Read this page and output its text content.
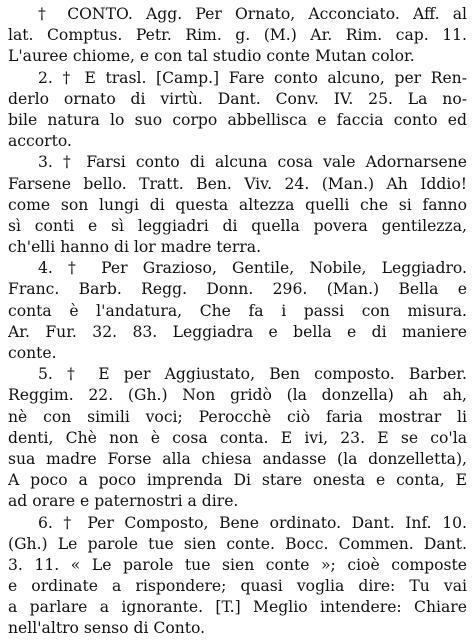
† CONTO. Agg. Per Ornato, Acconciato. Aff. al
lat. Comptus. Petr. Rim. g. (M.) Ar. Rim. cap. 11.
L'auree chiome, e con tal studio conte Mutan color.
2. † E trasl. [Camp.] Fare conto alcuno, per Ren-
derlo ornato di virtù. Dant. Conv. IV. 25. La no-
bile natura lo suo corpo abbellisca e faccia conto ed
accorto.
3. † Farsi conto di alcuna cosa vale Adornarsene
Farsene bello. Tratt. Ben. Viv. 24. (Man.) Ah Iddio!
come son lungi di questa altezza quelli che si fanno
sì conti e sì leggiadri di quella povera gentilezza,
ch'elli hanno di lor madre terra.
4. † Per Grazioso, Gentile, Nobile, Leggiadro.
Franc. Barb. Regg. Donn. 296. (Man.) Bella e
conta è l'andatura, Che fa i passi con misura.
Ar. Fur. 32. 83. Leggiadra e bella e di maniere
conte.
5. † E per Aggiustato, Ben composto. Barber.
Reggim. 22. (Gh.) Non gridò (la donzella) ah ah,
nè con simili voci; Perocchè ciò faria mostrar li
denti, Chè non è cosa conta. E ivi, 23. E se co'la
sua madre Forse alla chiesa andasse (la donzelletta),
A poco a poco imprenda Di stare onesta e conta, E
ad orare e paternostri a dire.
6. † Per Composto, Bene ordinato. Dant. Inf. 10.
(Gh.) Le parole tue sien conte. Bocc. Commen. Dant.
3. 11. « Le parole tue sien conte »; cioè composte
e ordinate a rispondere; quasi voglia dire: Tu vai
a parlare a ignorante. [T.] Meglio intendere: Chiare
nell'altro senso di Conto.
